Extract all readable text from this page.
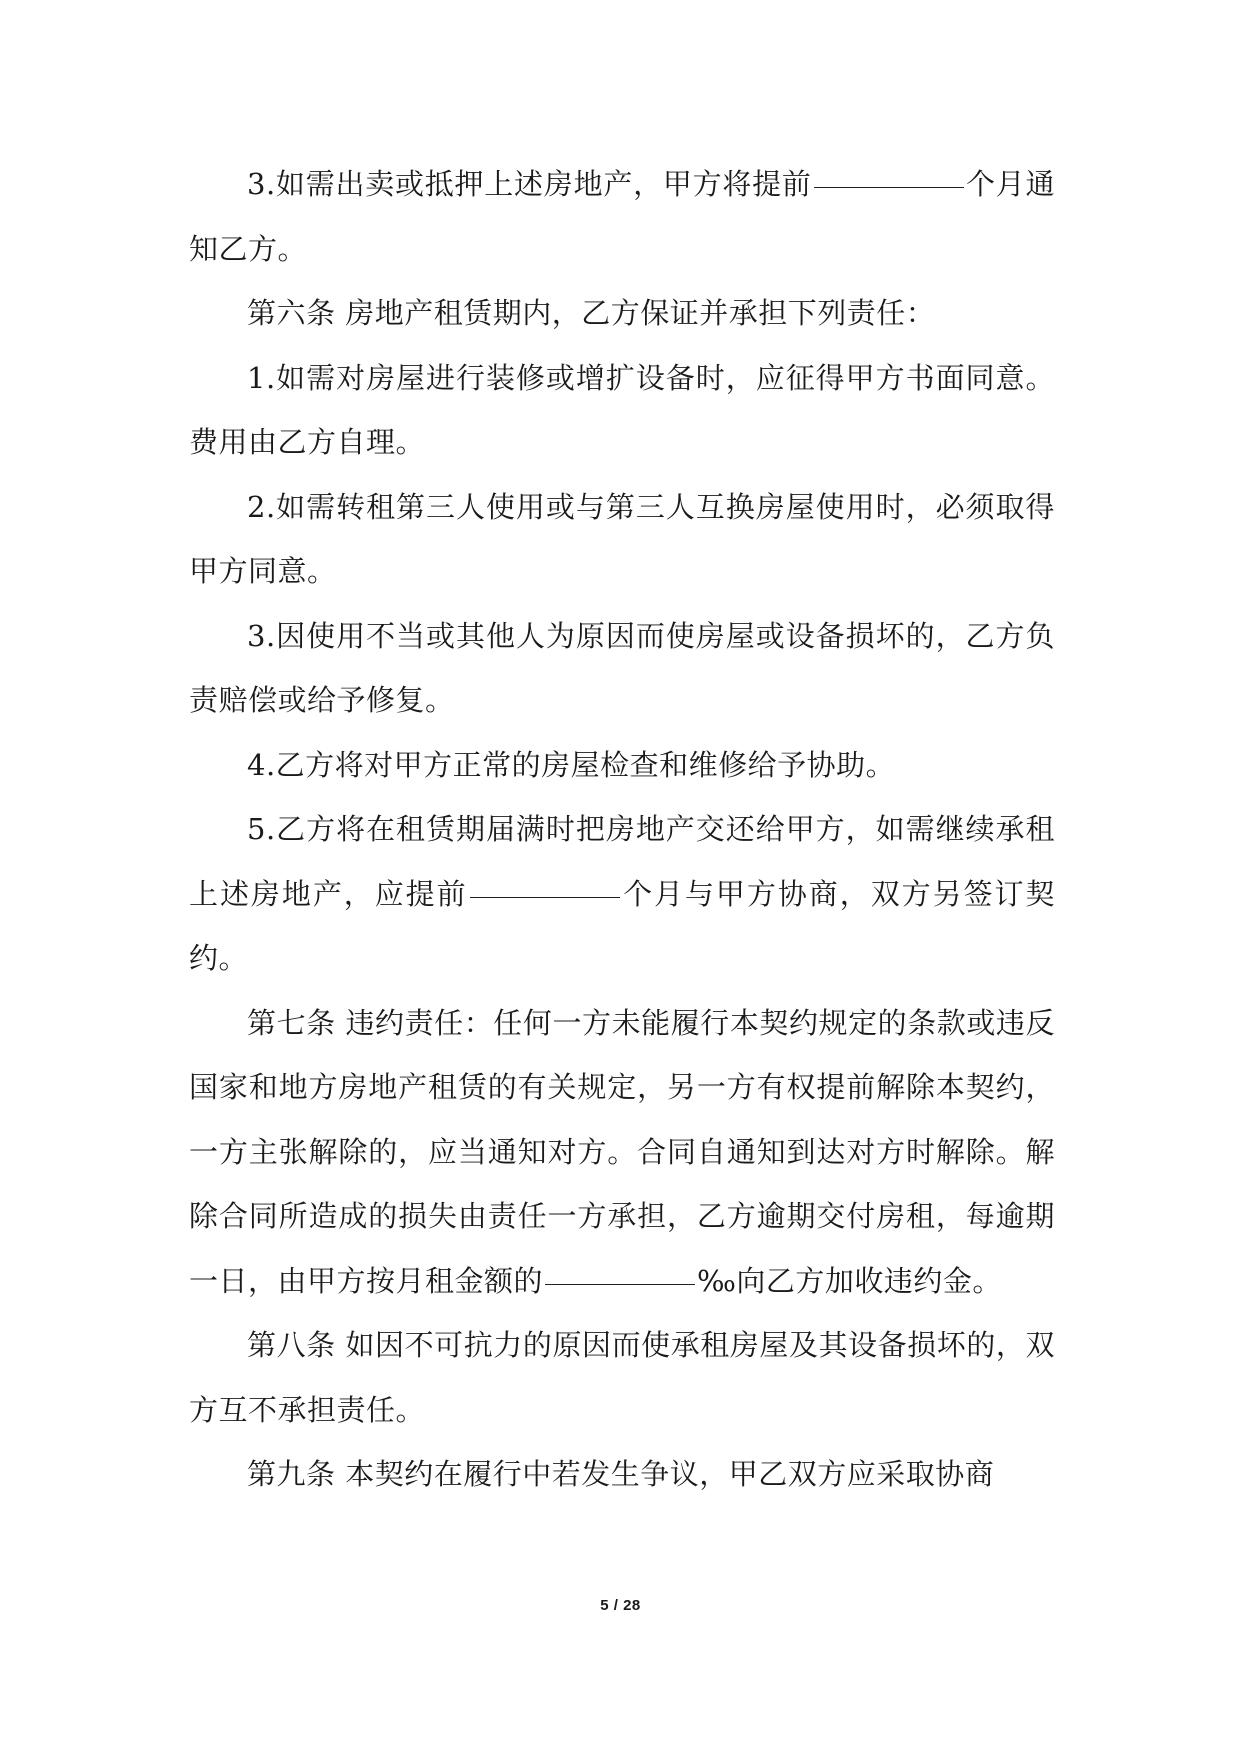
3.如需出卖或抵押上述房地产，甲方将提前	个月通知乙方。

第六条 房地产租赁期内，乙方保证并承担下列责任：

1.如需对房屋进行装修或增扩设备时，应征得甲方书面同意。费用由乙方自理。

2.如需转租第三人使用或与第三人互换房屋使用时，必须取得甲方同意。

3.因使用不当或其他人为原因而使房屋或设备损坏的，乙方负责赔偿或给予修复。

4.乙方将对甲方正常的房屋检查和维修给予协助。

5.乙方将在租赁期届满时把房地产交还给甲方，如需继续承租上述房地产，应提前	个月与甲方协商，双方另签订契约。

第七条 违约责任：任何一方未能履行本契约规定的条款或违反国家和地方房地产租赁的有关规定，另一方有权提前解除本契约，一方主张解除的，应当通知对方。合同自通知到达对方时解除。解除合同所造成的损失由责任一方承担，乙方逾期交付房租，每逾期一日，由甲方按月租金额的	‰向乙方加收违约金。

第八条 如因不可抗力的原因而使承租房屋及其设备损坏的，双方互不承担责任。

第九条 本契约在履行中若发生争议，甲乙双方应采取协商

5 / 28
